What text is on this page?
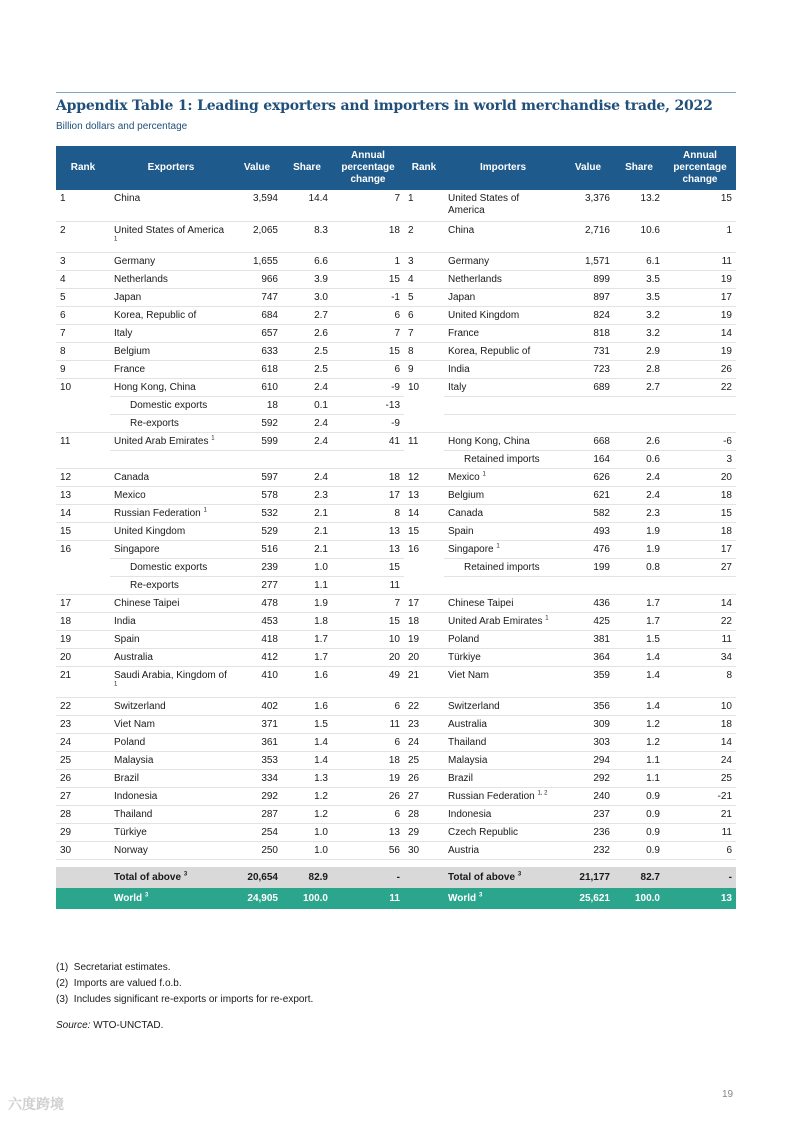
Appendix Table 1: Leading exporters and importers in world merchandise trade, 2022
Billion dollars and percentage
Rank	Exporters	Value	Share	Annual percentage change	Rank	Importers	Value	Share	Annual percentage change
1	China	3,594	14.4	7	1	United States of America	3,376	13.2	15
2	United States of America $^1$	2,065	8.3	18	2	China	2,716	10.6	1
3	Germany	1,655	6.6	1	3	Germany	1,571	6.1	11
4	Netherlands	966	3.9	15	4	Netherlands	899	3.5	19
5	Japan	747	3.0	-1	5	Japan	897	3.5	17
6	Korea, Republic of	684	2.7	6	6	United Kingdom	824	3.2	19
7	Italy	657	2.6	7	7	France	818	3.2	14
8	Belgium	633	2.5	15	8	Korea, Republic of	731	2.9	19
9	France	618	2.5	6	9	India	723	2.8	26
10	Hong Kong, China	610	2.4	-9	10	Italy	689	2.7	22
	Domestic exports	18	0.1	-13					
	Re-exports	592	2.4	-9					
11	United Arab Emirates $^1$	599	2.4	41	11	Hong Kong, China	668	2.6	-6
						Retained imports	164	0.6	3
12	Canada	597	2.4	18	12	Mexico $^1$	626	2.4	20
13	Mexico	578	2.3	17	13	Belgium	621	2.4	18
14	Russian Federation $^1$	532	2.1	8	14	Canada	582	2.3	15
15	United Kingdom	529	2.1	13	15	Spain	493	1.9	18
16	Singapore	516	2.1	13	16	Singapore $^1$	476	1.9	17
	Domestic exports	239	1.0	15		Retained imports	199	0.8	27
	Re-exports	277	1.1	11					
17	Chinese Taipei	478	1.9	7	17	Chinese Taipei	436	1.7	14
18	India	453	1.8	15	18	United Arab Emirates $^1$	425	1.7	22
19	Spain	418	1.7	10	19	Poland	381	1.5	11
20	Australia	412	1.7	20	20	Türkiye	364	1.4	34
21	Saudi Arabia, Kingdom of $^1$	410	1.6	49	21	Viet Nam	359	1.4	8
22	Switzerland	402	1.6	6	22	Switzerland	356	1.4	10
23	Viet Nam	371	1.5	11	23	Australia	309	1.2	18
24	Poland	361	1.4	6	24	Thailand	303	1.2	14
25	Malaysia	353	1.4	18	25	Malaysia	294	1.1	24
26	Brazil	334	1.3	19	26	Brazil	292	1.1	25
27	Indonesia	292	1.2	26	27	Russian Federation $^{1, 2}$	240	0.9	-21
28	Thailand	287	1.2	6	28	Indonesia	237	0.9	21
29	Türkiye	254	1.0	13	29	Czech Republic	236	0.9	11
30	Norway	250	1.0	56	30	Austria	232	0.9	6

	Total of above $^3$	20,654	82.9	-		Total of above $^3$	21,177	82.7	-
	World $^3$	24,905	100.0	11		World $^3$	25,621	100.0	13
(1) Secretariat estimates.
(2) Imports are valued f.o.b.
(3) Includes significant re-exports or imports for re-export.
Source: WTO-UNCTAD.
19
六度跨境
